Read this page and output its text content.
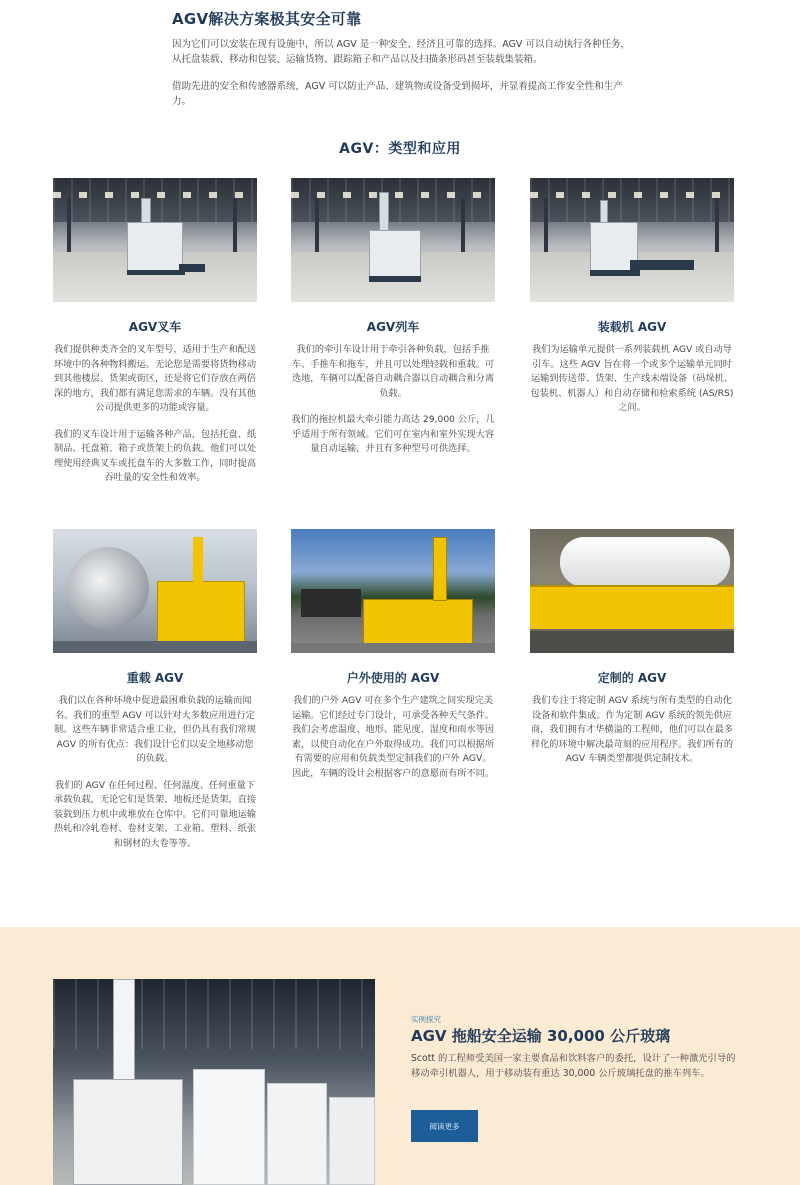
AGV解决方案极其安全可靠

因为它们可以安装在现有设施中，所以 AGV 是一种安全、经济且可靠的选择。AGV 可以自动执行各种任务，从托盘装载、移动和包装、运输货物、跟踪箱子和产品以及扫描条形码甚至装载集装箱。

借助先进的安全和传感器系统，AGV 可以防止产品、建筑物或设备受到损坏，并显着提高工作安全性和生产力。

AGV：类型和应用
AGV叉车

我们提供种类齐全的叉车型号，适用于生产和配送环境中的各种物料搬运。无论您是需要将货物移动到其他楼层、货架或街区，还是将它们存放在两倍深的地方，我们都有满足您需求的车辆。没有其他公司提供更多的功能或容量。

我们的叉车设计用于运输各种产品，包括托盘、纸制品、托盘箱、箱子或货架上的负载。他们可以处理使用经典叉车或托盘车的大多数工作，同时提高吞吐量的安全性和效率。

AGV列车

我们的牵引车设计用于牵引各种负载，包括手推车、手推车和拖车，并且可以处理轻载和重载。可选地，车辆可以配备自动耦合器以自动耦合和分离负载。

我们的拖拉机最大牵引能力高达 29,000 公斤，几乎适用于所有领域。它们可在室内和室外实现大容量自动运输，并且有多种型号可供选择。

装载机 AGV

我们为运输单元提供一系列装载机 AGV 或自动导引车。这些 AGV 旨在将一个或多个运输单元同时运输到传送带、货架、生产线末端设备（码垛机、包装机、机器人）和自动存储和检索系统 (AS/RS) 之间。

重载 AGV

我们以在各种环境中促进最困难负载的运输而闻名。我们的重型 AGV 可以针对大多数应用进行定制。这些车辆非常适合重工业，但仍具有我们常规 AGV 的所有优点：我们设计它们以安全地移动您的负载。

我们的 AGV 在任何过程、任何温度、任何重量下承载负载，无论它们是货架、地板还是货架，直接装载到压力机中或堆放在仓库中。它们可靠地运输热轧和冷轧卷材、卷材支架、工业箱、塑料、纸张和钢材的大卷等等。

户外使用的 AGV

我们的户外 AGV 可在多个生产建筑之间实现完美运输。它们经过专门设计，可承受各种天气条件。我们会考虑温度、地形、能见度、湿度和雨水等因素，以使自动化在户外取得成功。我们可以根据所有需要的应用和负载类型定制我们的户外 AGV。因此，车辆的设计会根据客户的意愿而有所不同。

定制的 AGV

我们专注于将定制 AGV 系统与所有类型的自动化设备和软件集成。作为定制 AGV 系统的领先供应商，我们拥有才华横溢的工程师，他们可以在最多样化的环境中解决最苛刻的应用程序。我们所有的 AGV 车辆类型都提供定制技术。

实例探究
AGV 拖船安全运输 30,000 公斤玻璃

Scott 的工程师受美国一家主要食品和饮料客户的委托，设计了一种激光引导的移动牵引机器人，用于移动装有重达 30,000 公斤玻璃托盘的推车列车。

阅读更多
